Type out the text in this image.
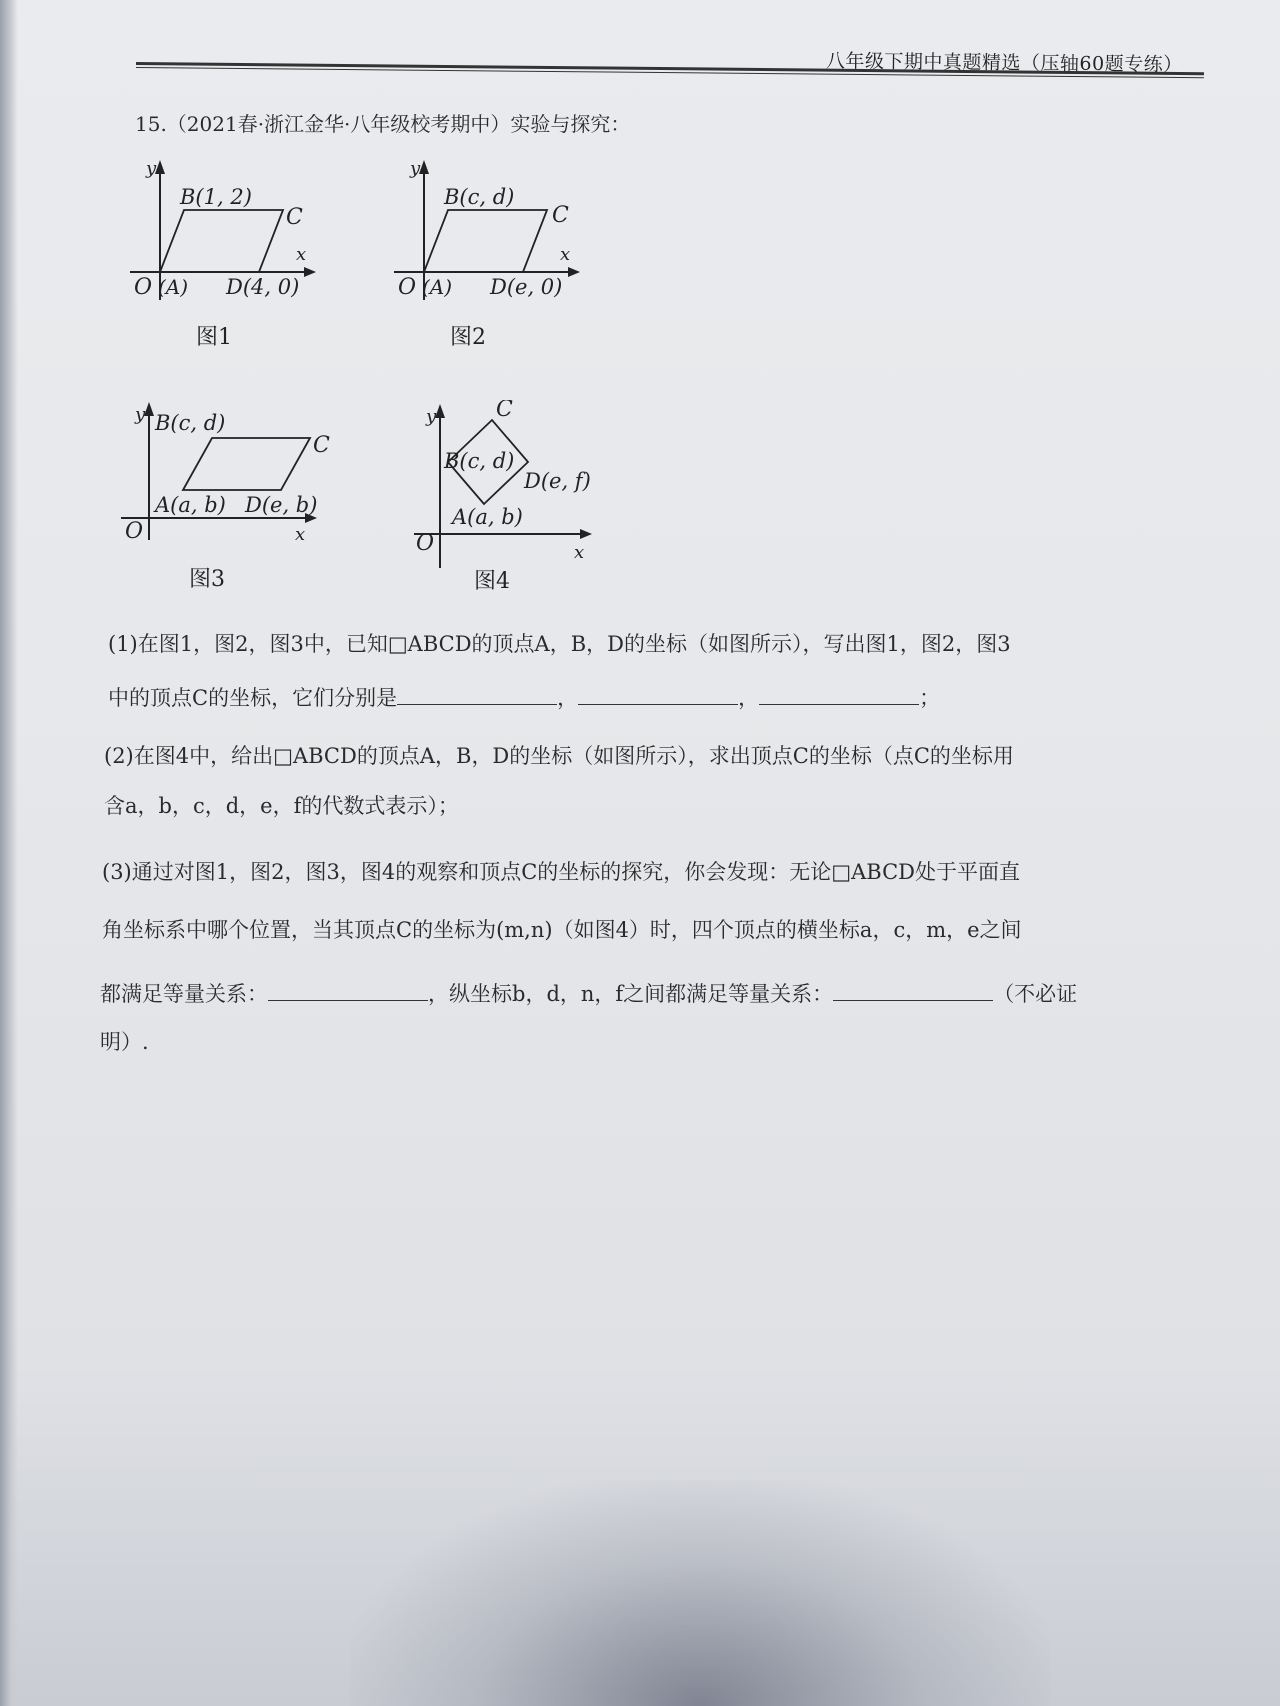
八年级下期中真题精选（压轴60题专练）
15.（2021春·浙江金华·八年级校考期中）实验与探究：
y
x
O (A)
B(1, 2)
C
D(4, 0)
图1
y
x
O (A)
B(c, d)
C
D(e, 0)
图2
y
x
O
A(a, b)
B(c, d)
C
D(e, b)
图3
y
x
O
A(a, b)
B(c, d)
C
D(e, f)
图4
(1)在图1，图2，图3中，已知□ABCD的顶点A，B，D的坐标（如图所示），写出图1，图2，图3
中的顶点C的坐标，它们分别是	，	，	；
(2)在图4中，给出□ABCD的顶点A，B，D的坐标（如图所示），求出顶点C的坐标（点C的坐标用
含a，b，c，d，e，f的代数式表示）；
(3)通过对图1，图2，图3，图4的观察和顶点C的坐标的探究，你会发现：无论□ABCD处于平面直
角坐标系中哪个位置，当其顶点C的坐标为(m,n)（如图4）时，四个顶点的横坐标a，c，m，e之间
都满足等量关系：	，纵坐标b，d，n，f之间都满足等量关系：	（不必证
明）.
